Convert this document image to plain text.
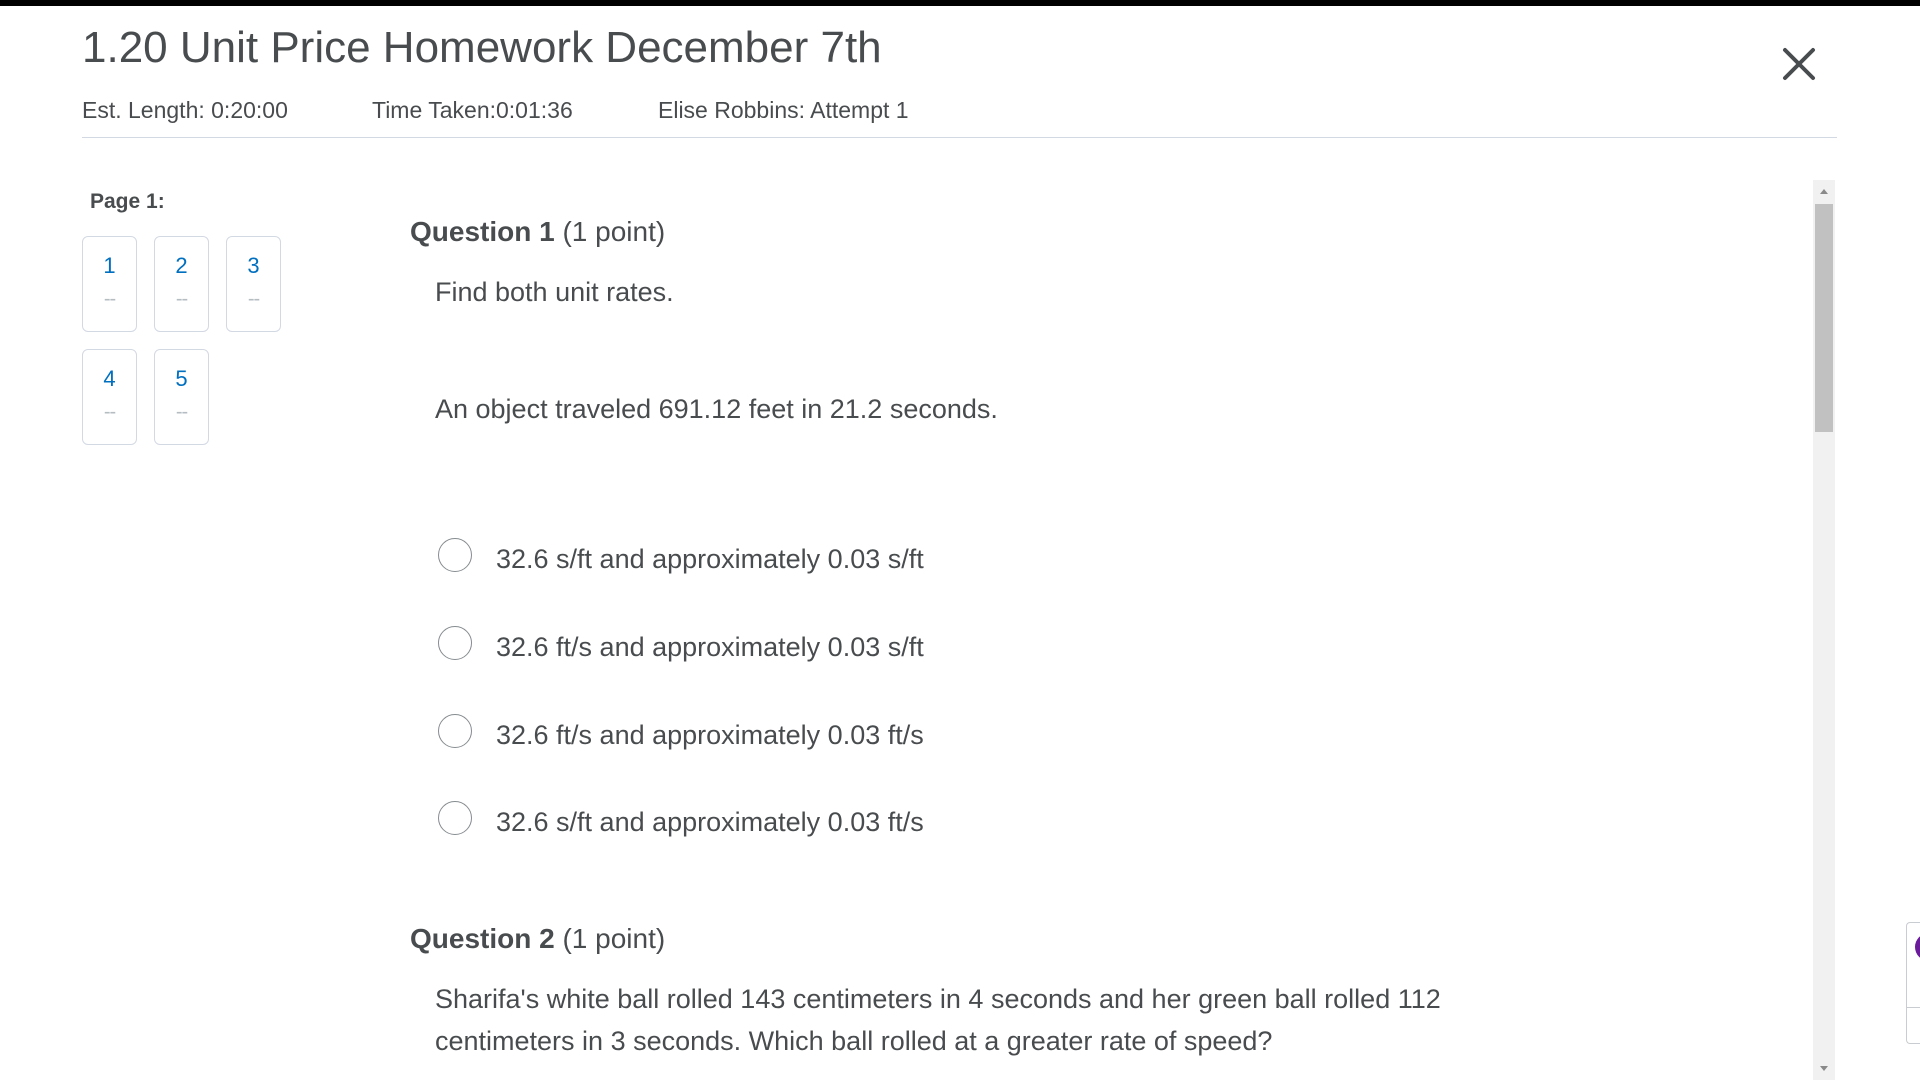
1.20 Unit Price Homework December 7th
Est. Length: 0:20:00	Time Taken:0:01:36	Elise Robbins: Attempt 1
Page 1:
1
--
2
--
3
--
4
--
5
--
Question 1 (1 point)
Find both unit rates.
An object traveled 691.12 feet in 21.2 seconds.
32.6 s/ft and approximately 0.03 s/ft
32.6 ft/s and approximately 0.03 s/ft
32.6 ft/s and approximately 0.03 ft/s
32.6 s/ft and approximately 0.03 ft/s
Question 2 (1 point)
Sharifa's white ball rolled 143 centimeters in 4 seconds and her green ball rolled 112
centimeters in 3 seconds. Which ball rolled at a greater rate of speed?
